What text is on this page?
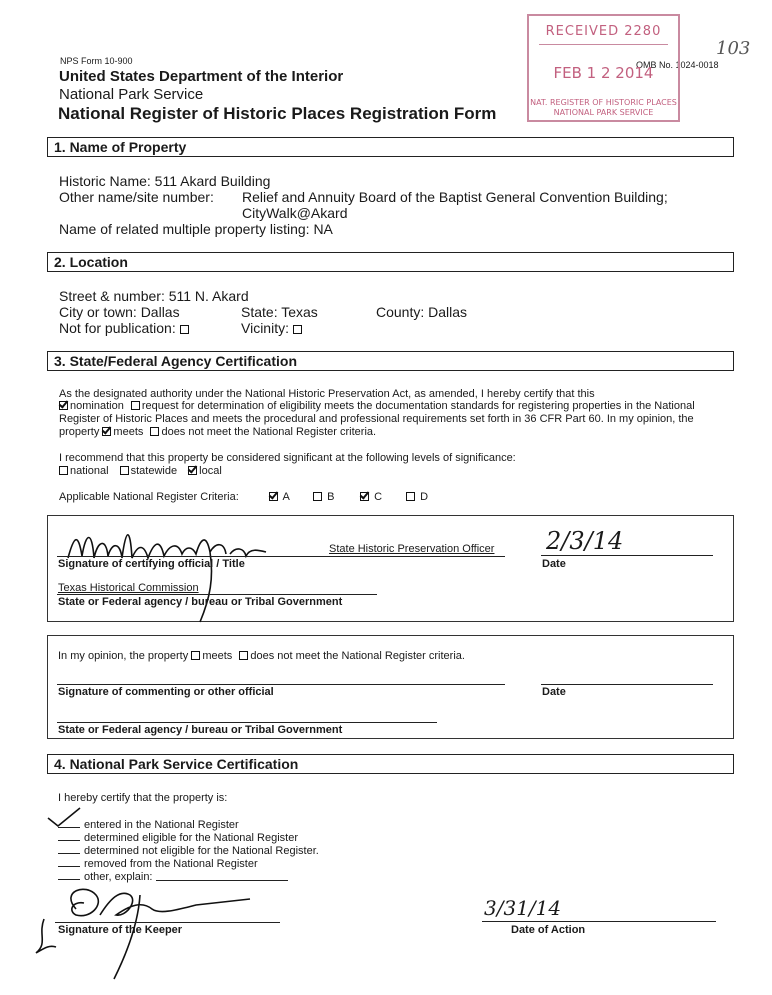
NPS Form 10-900	OMB No. 1024-0018
United States Department of the Interior
National Park Service
National Register of Historic Places Registration Form
RECEIVED 2280
FEB 1 2 2014
NAT. REGISTER OF HISTORIC PLACES
NATIONAL PARK SERVICE
103
1. Name of Property
Historic Name: 511 Akard Building
Other name/site number: Relief and Annuity Board of the Baptist General Convention Building;
CityWalk@Akard
Name of related multiple property listing: NA
2. Location
Street & number: 511 N. Akard
City or town: Dallas	State: Texas	County: Dallas
Not for publication:	Vicinity:
3. State/Federal Agency Certification
As the designated authority under the National Historic Preservation Act, as amended, I hereby certify that this
nomination request for determination of eligibility meets the documentation standards for registering properties in the National
Register of Historic Places and meets the procedural and professional requirements set forth in 36 CFR Part 60. In my opinion, the
property meets does not meet the National Register criteria.
I recommend that this property be considered significant at the following levels of significance:
national statewide local
Applicable National Register Criteria:	A	B	C	D
State Historic Preservation Officer
Signature of certifying official / Title
2/3/14
Date
Texas Historical Commission
State or Federal agency / bureau or Tribal Government
In my opinion, the property meets does not meet the National Register criteria.
Signature of commenting or other official	Date
State or Federal agency / bureau or Tribal Government
4. National Park Service Certification
I hereby certify that the property is:
entered in the National Register
determined eligible for the National Register
determined not eligible for the National Register.
removed from the National Register
other, explain:
Signature of the Keeper
3/31/14
Date of Action
